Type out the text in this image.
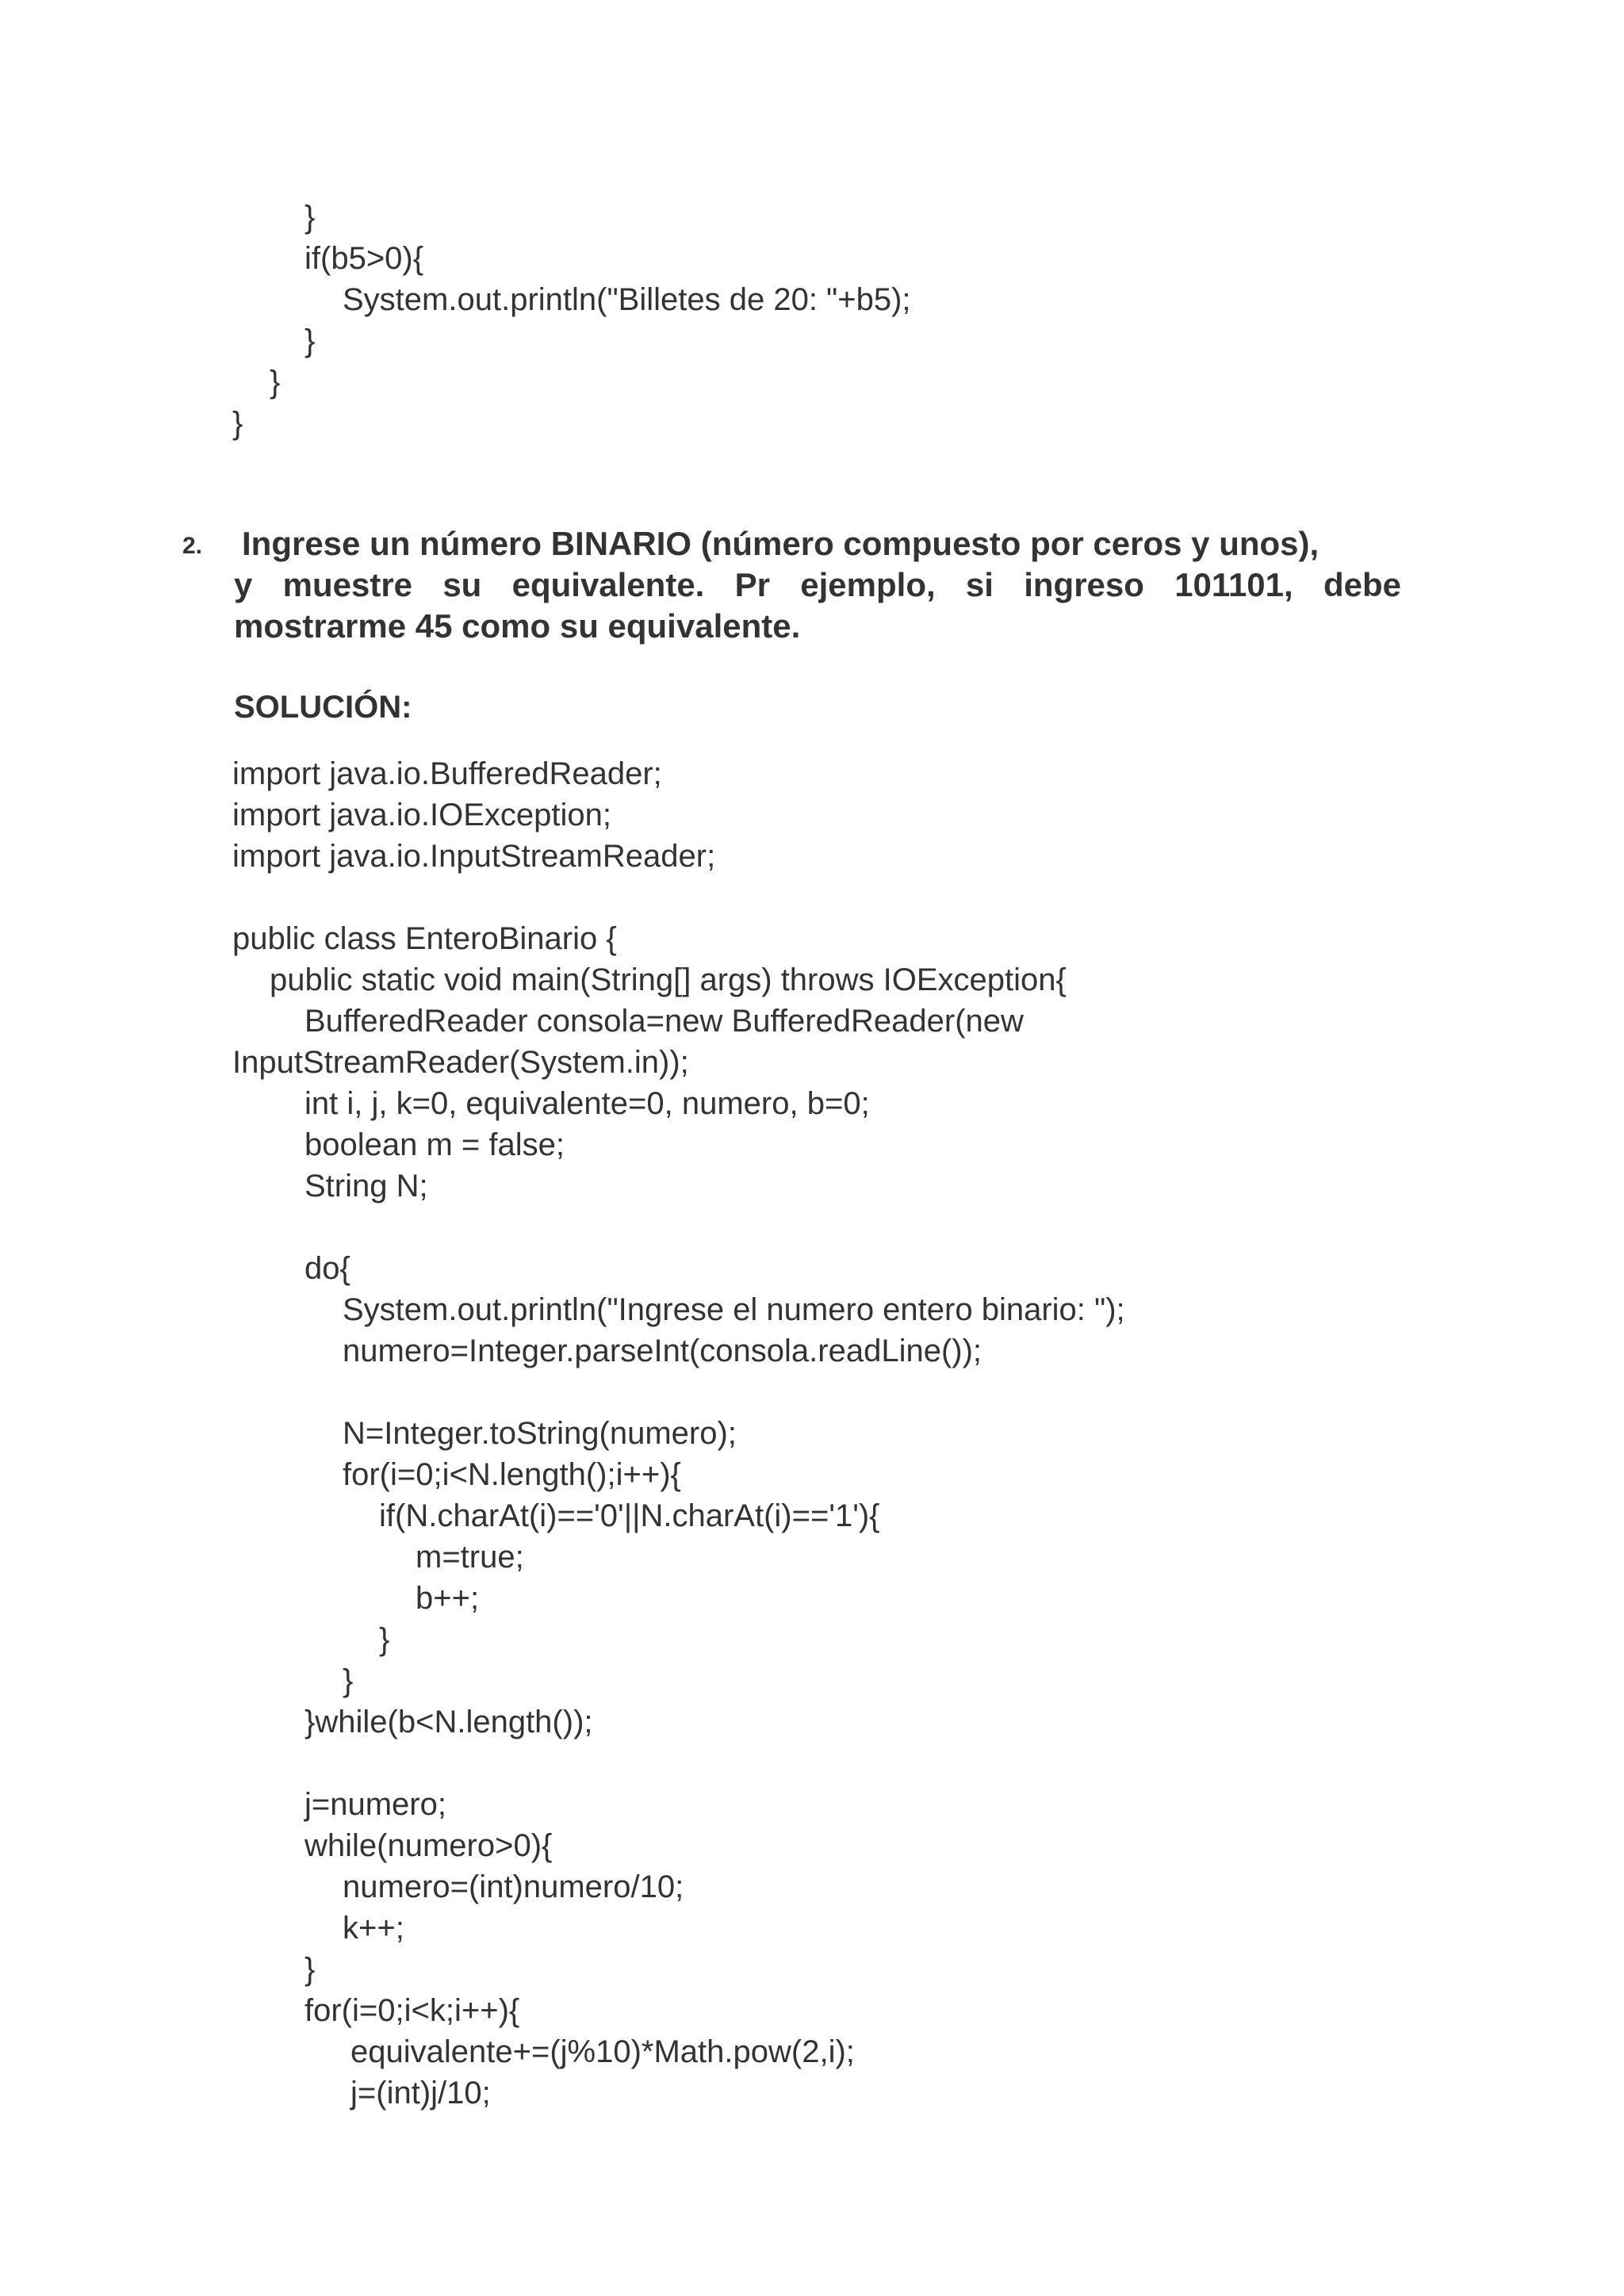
}
if(b5>0){
System.out.println("Billetes de 20: "+b5);
}
}
}
2. Ingrese un número BINARIO (número compuesto por ceros y unos),
y muestre su equivalente. Pr ejemplo, si ingreso 101101, debe
mostrarme 45 como su equivalente.
SOLUCIÓN:
import java.io.BufferedReader;
import java.io.IOException;
import java.io.InputStreamReader;
public class EnteroBinario {
public static void main(String[] args) throws IOException{
BufferedReader consola=new BufferedReader(new
InputStreamReader(System.in));
int i, j, k=0, equivalente=0, numero, b=0;
boolean m = false;
String N;
do{
System.out.println("Ingrese el numero entero binario: ");
numero=Integer.parseInt(consola.readLine());
N=Integer.toString(numero);
for(i=0;i<N.length();i++){
if(N.charAt(i)=='0'||N.charAt(i)=='1'){
m=true;
b++;
}
}
}while(b<N.length());
j=numero;
while(numero>0){
numero=(int)numero/10;
k++;
}
for(i=0;i<k;i++){
equivalente+=(j%10)*Math.pow(2,i);
j=(int)j/10;
